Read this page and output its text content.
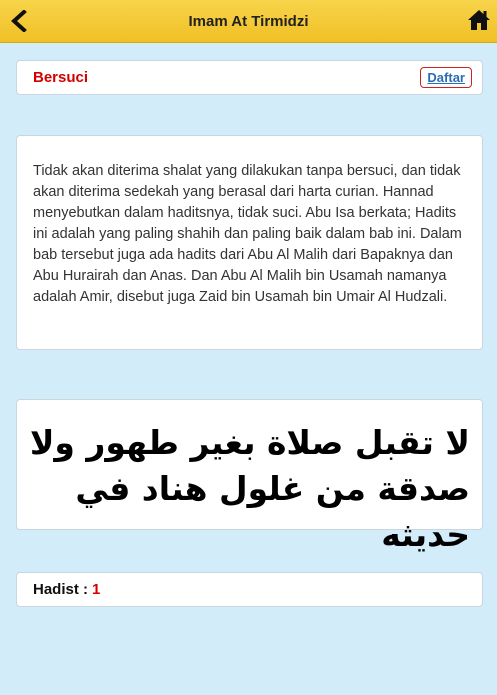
Imam At Tirmidzi
Bersuci	Daftar

Tidak akan diterima shalat yang dilakukan tanpa bersuci, dan tidak akan diterima sedekah yang berasal dari harta curian. Hannad menyebutkan dalam haditsnya, tidak suci. Abu Isa berkata; Hadits ini adalah yang paling shahih dan paling baik dalam bab ini. Dalam bab tersebut juga ada hadits dari Abu Al Malih dari Bapaknya dan Abu Hurairah dan Anas. Dan Abu Al Malih bin Usamah namanya adalah Amir, disebut juga Zaid bin Usamah bin Umair Al Hudzali.

لا تقبل صلاة بغير طهور ولا صدقة من غلول هناد في حديثه

Hadist : 1
